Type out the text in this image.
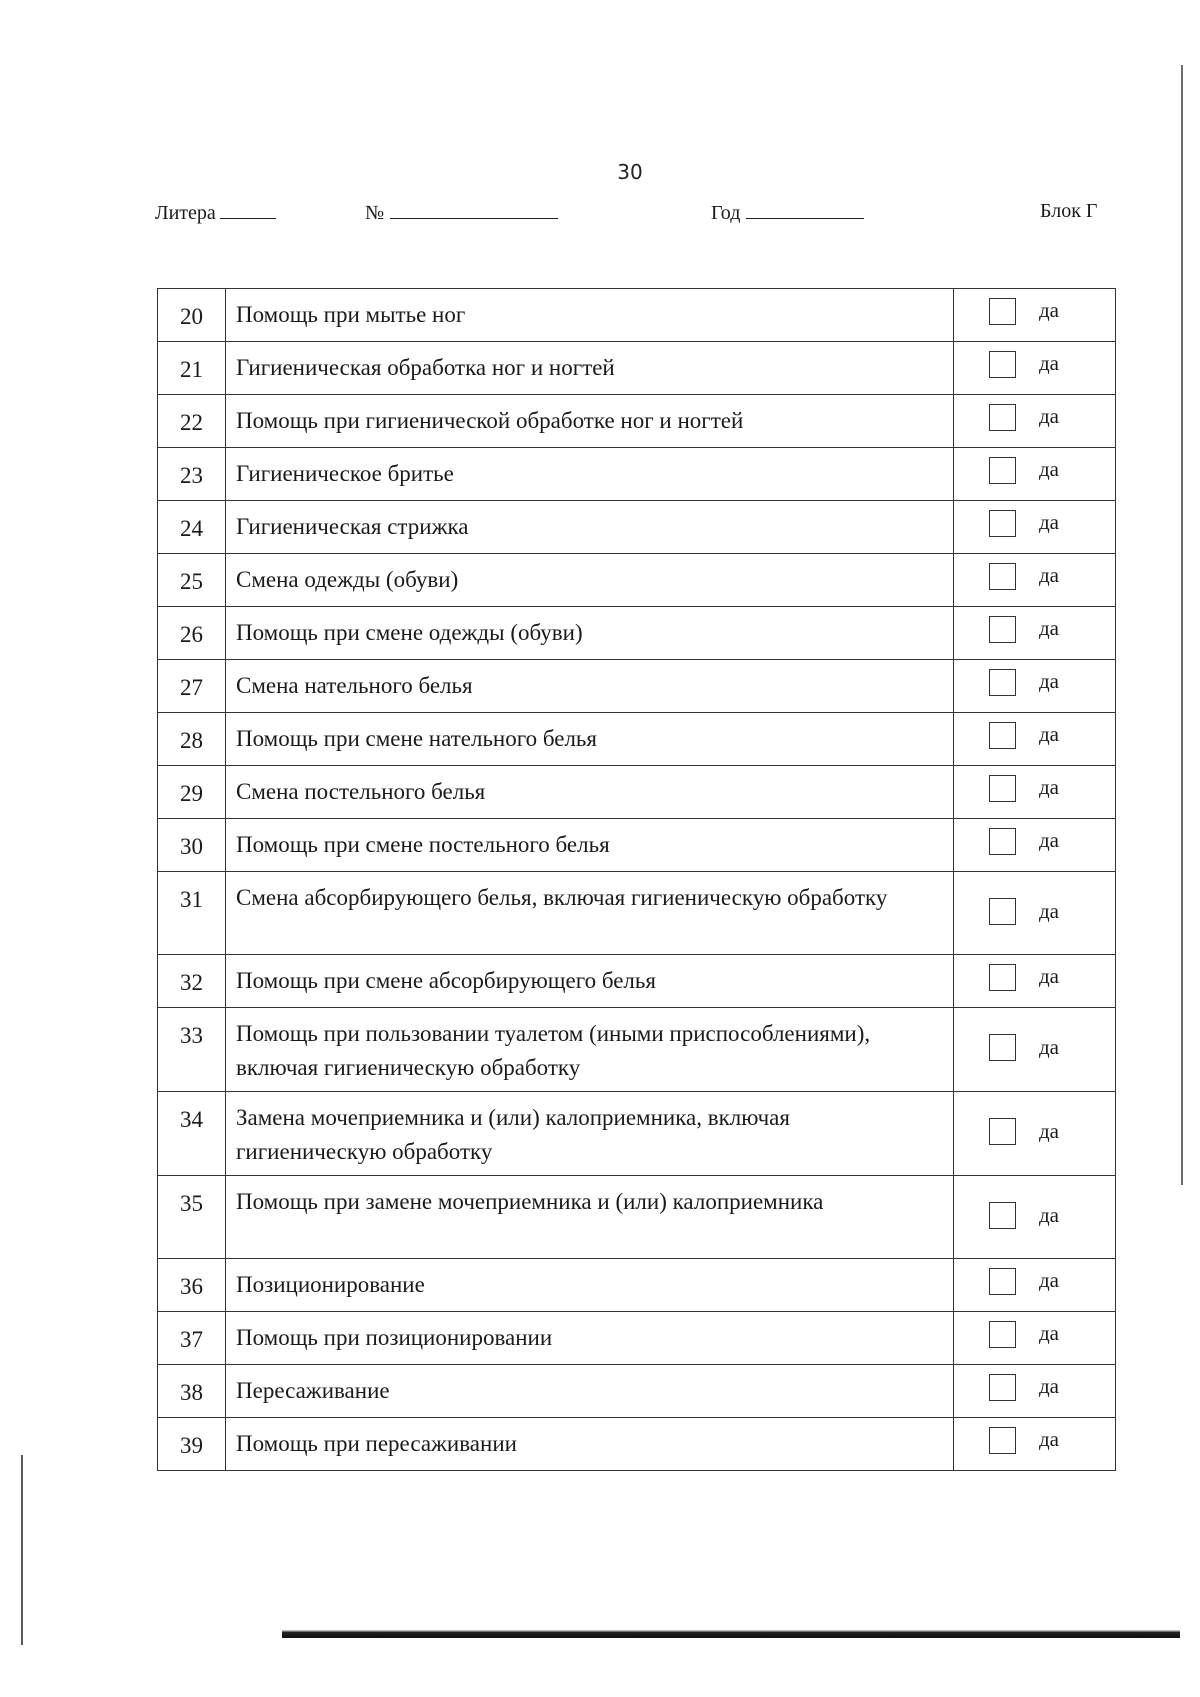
30
Литера	№	Год	Блок Г
20	Помощь при мытье ног	да

21	Гигиеническая обработка ног и ногтей	да

22	Помощь при гигиенической обработке ног и ногтей	да

23	Гигиеническое бритье	да

24	Гигиеническая стрижка	да

25	Смена одежды (обуви)	да

26	Помощь при смене одежды (обуви)	да

27	Смена нательного белья	да

28	Помощь при смене нательного белья	да

29	Смена постельного белья	да

30	Помощь при смене постельного белья	да

31	Смена абсорбирующего белья, включая гигиеническую обработку	да

32	Помощь при смене абсорбирующего белья	да

33	Помощь при пользовании туалетом (иными приспособлениями), включая гигиеническую обработку	да

34	Замена мочеприемника и (или) калоприемника, включая гигиеническую обработку	да

35	Помощь при замене мочеприемника и (или) калоприемника	да

36	Позиционирование	да

37	Помощь при позиционировании	да

38	Пересаживание	да

39	Помощь при пересаживании	да
